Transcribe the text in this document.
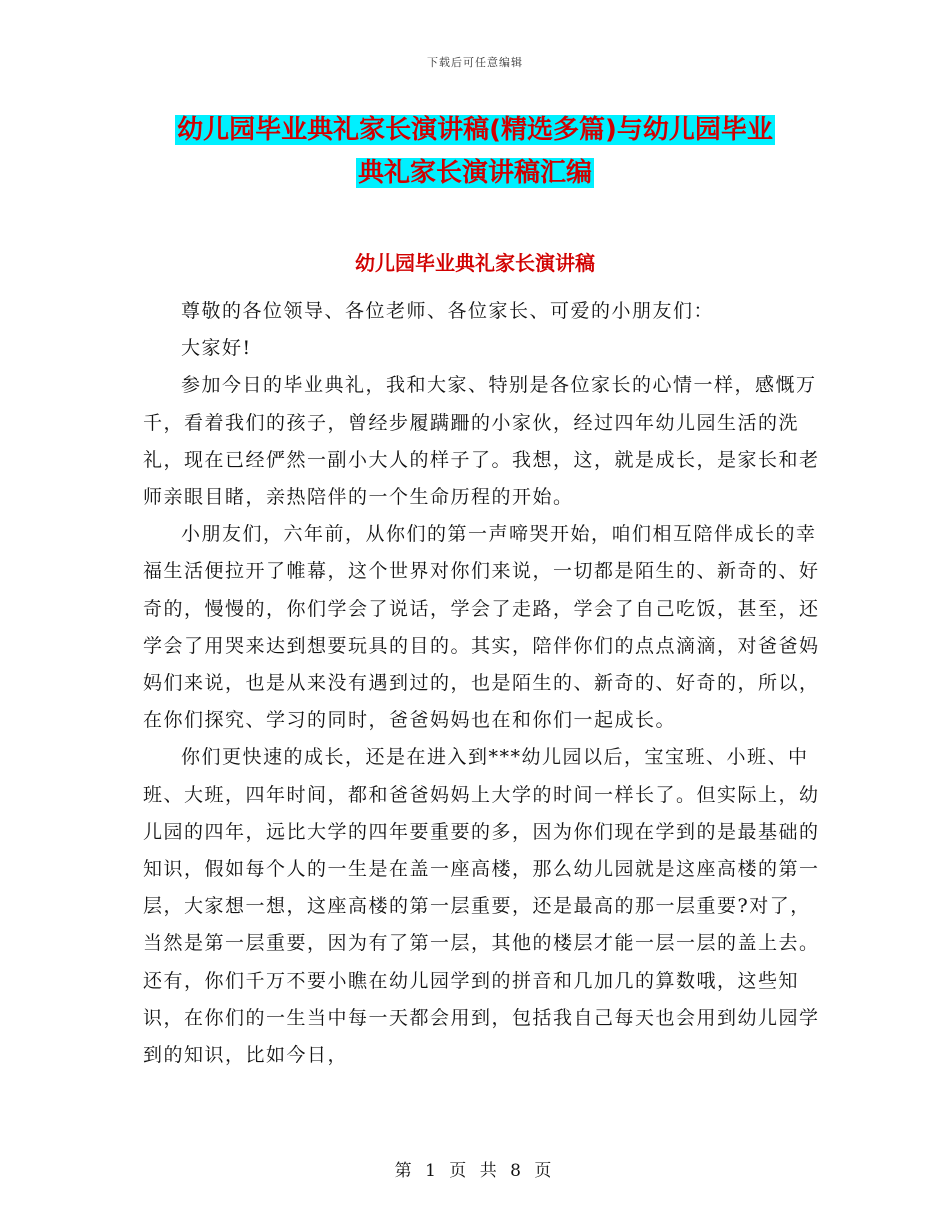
下载后可任意编辑
幼儿园毕业典礼家长演讲稿(精选多篇)与幼儿园毕业
典礼家长演讲稿汇编
幼儿园毕业典礼家长演讲稿

尊敬的各位领导、各位老师、各位家长、可爱的小朋友们：

大家好!

参加今日的毕业典礼，我和大家、特别是各位家长的心情一样，感慨万千，看着我们的孩子，曾经步履蹒跚的小家伙，经过四年幼儿园生活的洗礼，现在已经俨然一副小大人的样子了。我想，这，就是成长，是家长和老师亲眼目睹，亲热陪伴的一个生命历程的开始。

小朋友们，六年前，从你们的第一声啼哭开始，咱们相互陪伴成长的幸福生活便拉开了帷幕，这个世界对你们来说，一切都是陌生的、新奇的、好奇的，慢慢的，你们学会了说话，学会了走路，学会了自己吃饭，甚至，还学会了用哭来达到想要玩具的目的。其实，陪伴你们的点点滴滴，对爸爸妈妈们来说，也是从来没有遇到过的，也是陌生的、新奇的、好奇的，所以，在你们探究、学习的同时，爸爸妈妈也在和你们一起成长。

你们更快速的成长，还是在进入到***幼儿园以后，宝宝班、小班、中班、大班，四年时间，都和爸爸妈妈上大学的时间一样长了。但实际上，幼儿园的四年，远比大学的四年要重要的多，因为你们现在学到的是最基础的知识，假如每个人的一生是在盖一座高楼，那么幼儿园就是这座高楼的第一层，大家想一想，这座高楼的第一层重要，还是最高的那一层重要?对了，当然是第一层重要，因为有了第一层，其他的楼层才能一层一层的盖上去。还有，你们千万不要小瞧在幼儿园学到的拼音和几加几的算数哦，这些知识，在你们的一生当中每一天都会用到，包括我自己每天也会用到幼儿园学到的知识，比如今日，

第 1 页 共 8 页
